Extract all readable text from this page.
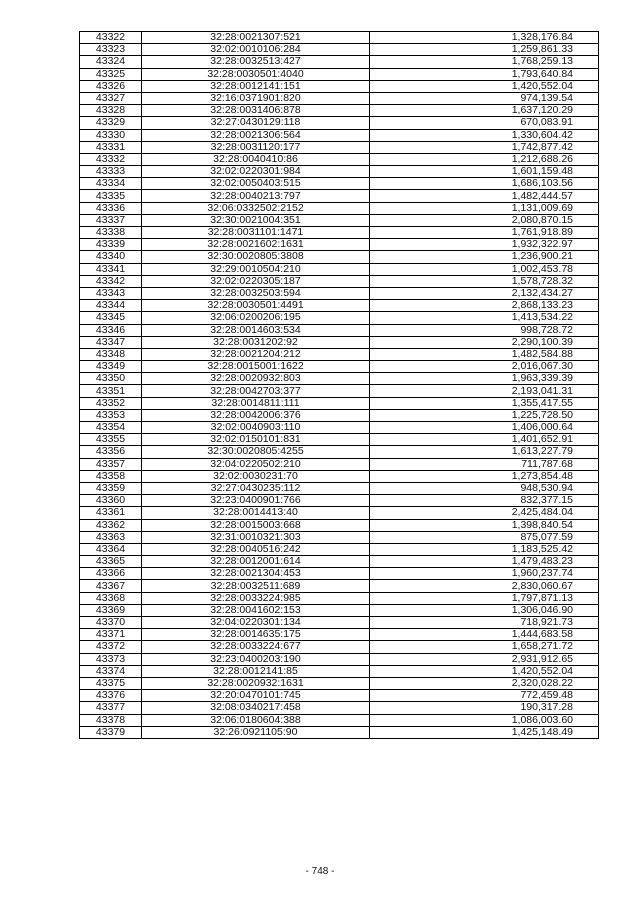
43322	32:28:0021307:521	1,328,176.84
43323	32:02:0010106:284	1,259,861.33
43324	32:28:0032513:427	1,768,259.13
43325	32:28:0030501:4040	1,793,640.84
43326	32:28:0012141:151	1,420,552.04
43327	32:16:0371901:820	974,139.54
43328	32:28:0031406:878	1,637,120.29
43329	32:27:0430129:118	670,083.91
43330	32:28:0021306:564	1,330,604.42
43331	32:28:0031120:177	1,742,877.42
43332	32:28:0040410:86	1,212,688.26
43333	32:02:0220301:984	1,601,159.48
43334	32:02:0050403:515	1,686,103.56
43335	32:28:0040213:797	1,482,444.57
43336	32:06:0332502:2152	1,131,009.69
43337	32:30:0021004:351	2,080,870.15
43338	32:28:0031101:1471	1,761,918.89
43339	32:28:0021602:1631	1,932,322.97
43340	32:30:0020805:3808	1,236,900.21
43341	32:29:0010504:210	1,002,453.78
43342	32:02:0220305:187	1,578,728.32
43343	32:28:0032503:594	2,132,434.27
43344	32:28:0030501:4491	2,868,133.23
43345	32:06:0200206:195	1,413,534.22
43346	32:28:0014603:534	998,728.72
43347	32:28:0031202:92	2,290,100.39
43348	32:28:0021204:212	1,482,584.88
43349	32:28:0015001:1622	2,016,067.30
43350	32:28:0020932:803	1,963,339.39
43351	32:28:0042703:377	2,193,041.31
43352	32:28:0014811:111	1,355,417.55
43353	32:28:0042006:376	1,225,728.50
43354	32:02:0040903:110	1,406,000.64
43355	32:02:0150101:831	1,401,652.91
43356	32:30:0020805:4255	1,613,227.79
43357	32:04:0220502:210	711,787.68
43358	32:02:0030231:70	1,273,854.48
43359	32:27:0430235:112	948,530.94
43360	32:23:0400901:766	832,377.15
43361	32:28:0014413:40	2,425,484.04
43362	32:28:0015003:668	1,398,840.54
43363	32:31:0010321:303	875,077.59
43364	32:28:0040516:242	1,183,525.42
43365	32:28:0012001:614	1,479,483.23
43366	32:28:0021304:453	1,960,237.74
43367	32:28:0032511:689	2,830,060.67
43368	32:28:0033224:985	1,797,871.13
43369	32:28:0041602:153	1,306,046.90
43370	32:04:0220301:134	718,921.73
43371	32:28:0014635:175	1,444,683.58
43372	32:28:0033224:677	1,658,271.72
43373	32:23:0400203:190	2,931,912.65
43374	32:28:0012141:85	1,420,552.04
43375	32:28:0020932:1631	2,320,028.22
43376	32:20:0470101:745	772,459.48
43377	32:08:0340217:458	190,317.28
43378	32:06:0180604:388	1,086,003.60
43379	32:26:0921105:90	1,425,148.49
- 748 -
